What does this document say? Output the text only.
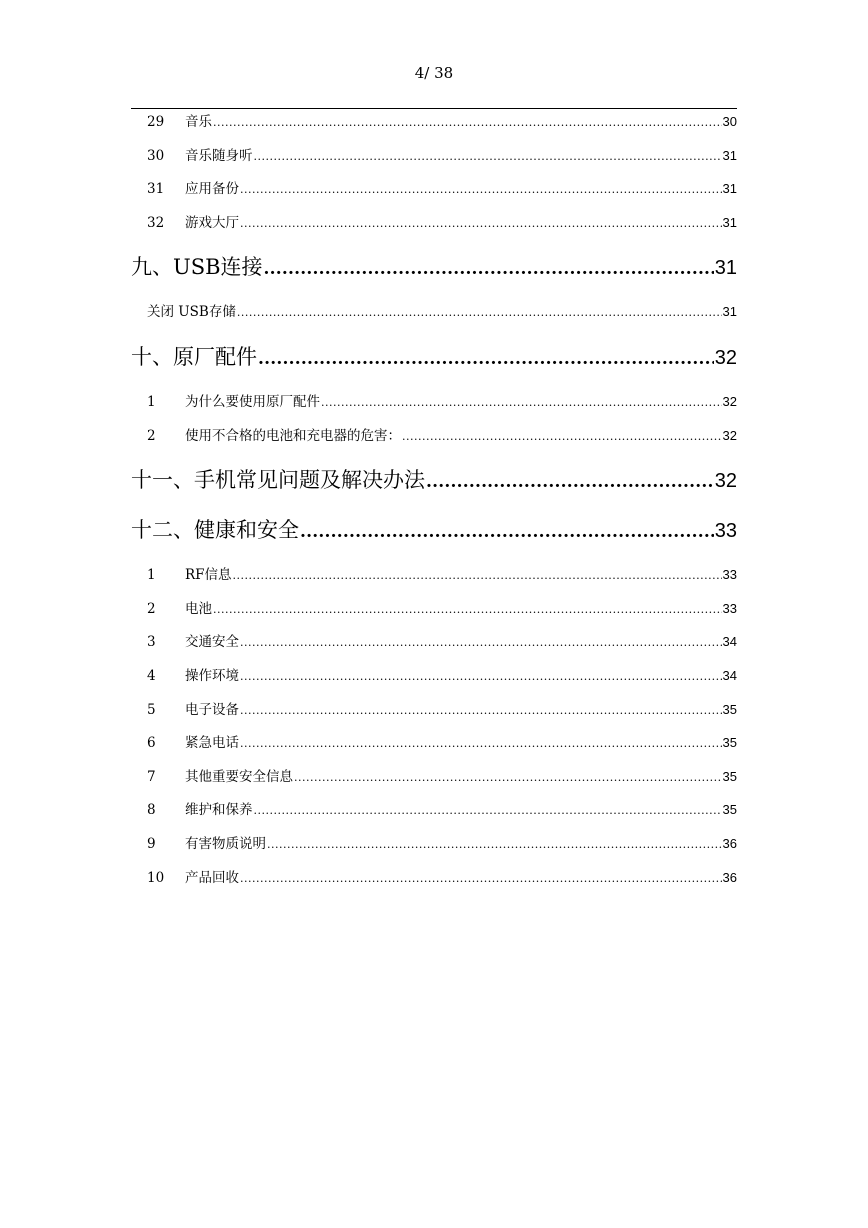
4/ 38
29	音乐 .....	30
30	音乐随身听 .....	31
31	应用备份 .....	31
32	游戏大厅 .....	31
九、USB连接 .....	31
关闭 USB存储 .....	31
十、原厂配件 .....	32
1	为什么要使用原厂配件 .....	32
2	使用不合格的电池和充电器的危害： .....	32
十一、手机常见问题及解决办法 .....	32
十二、健康和安全 .....	33
1	RF信息 .....	33
2	电池 .....	33
3	交通安全 .....	34
4	操作环境 .....	34
5	电子设备 .....	35
6	紧急电话 .....	35
7	其他重要安全信息 .....	35
8	维护和保养 .....	35
9	有害物质说明 .....	36
10	产品回收 .....	36
